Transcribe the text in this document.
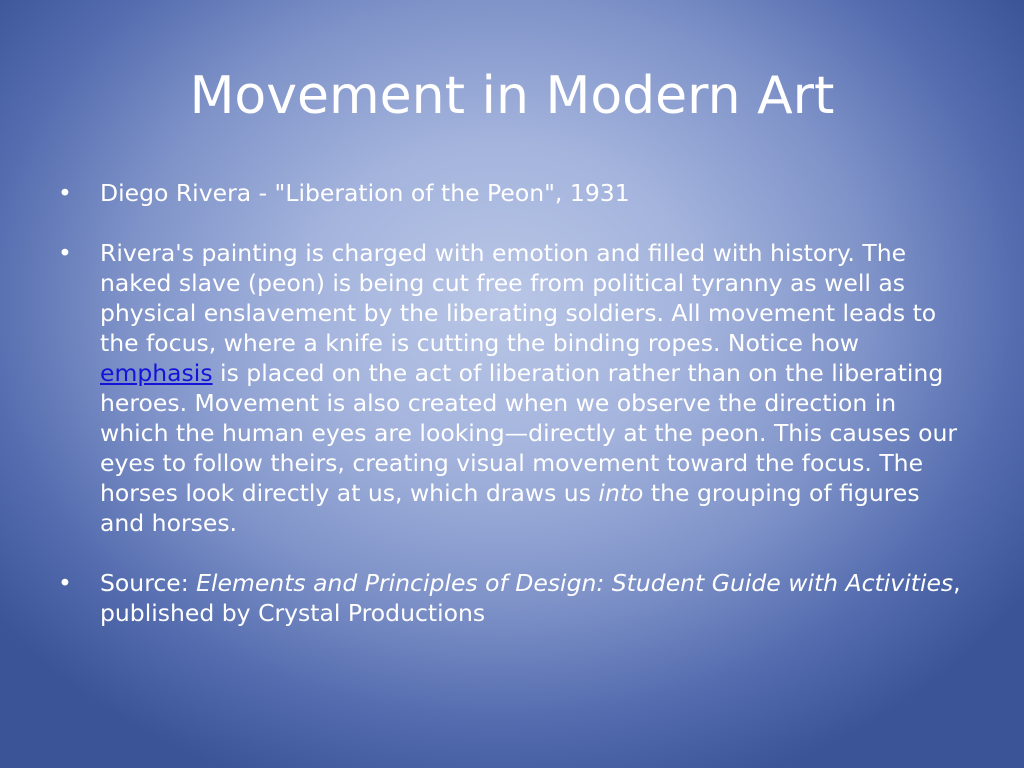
Movement in Modern Art
• Diego Rivera - "Liberation of the Peon", 1931
• Rivera's painting is charged with emotion and filled with history. The naked slave (peon) is being cut free from political tyranny as well as physical enslavement by the liberating soldiers. All movement leads to the focus, where a knife is cutting the binding ropes. Notice how emphasis is placed on the act of liberation rather than on the liberating heroes. Movement is also created when we observe the direction in which the human eyes are looking—directly at the peon. This causes our eyes to follow theirs, creating visual movement toward the focus. The horses look directly at us, which draws us into the grouping of figures and horses.
• Source: Elements and Principles of Design: Student Guide with Activities, published by Crystal Productions
